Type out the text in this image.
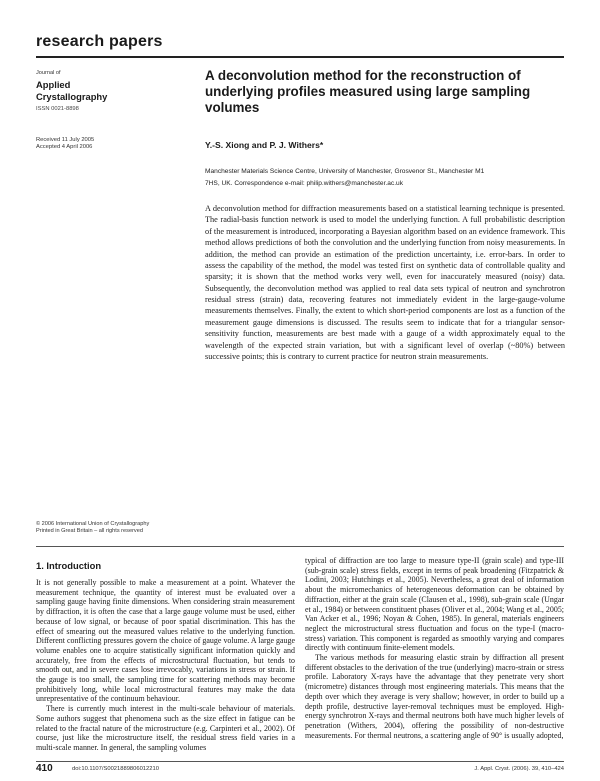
research papers
Journal of
Applied
Crystallography
ISSN 0021-8898
Received 11 July 2005
Accepted 4 April 2006
A deconvolution method for the reconstruction of underlying profiles measured using large sampling volumes
Y.-S. Xiong and P. J. Withers*
Manchester Materials Science Centre, University of Manchester, Grosvenor St., Manchester M1
7HS, UK. Correspondence e-mail: philip.withers@manchester.ac.uk
A deconvolution method for diffraction measurements based on a statistical learning technique is presented. The radial-basis function network is used to model the underlying function. A full probabilistic description of the measurement is introduced, incorporating a Bayesian algorithm based on an evidence framework. This method allows predictions of both the convolution and the underlying function from noisy measurements. In addition, the method can provide an estimation of the prediction uncertainty, i.e. error-bars. In order to assess the capability of the method, the model was tested first on synthetic data of controllable quality and sparsity; it is shown that the method works very well, even for inaccurately measured (noisy) data. Subsequently, the deconvolution method was applied to real data sets typical of neutron and synchrotron residual stress (strain) data, recovering features not immediately evident in the large-gauge-volume measurements themselves. Finally, the extent to which short-period components are lost as a function of the measurement gauge dimensions is discussed. The results seem to indicate that for a triangular sensor-sensitivity function, measurements are best made with a gauge of a width approximately equal to the wavelength of the expected strain variation, but with a significant level of overlap (~80%) between successive points; this is contrary to current practice for neutron strain measurements.
© 2006 International Union of Crystallography
Printed in Great Britain – all rights reserved
1. Introduction

It is not generally possible to make a measurement at a point. Whatever the measurement technique, the quantity of interest must be evaluated over a sampling gauge having finite dimensions. When considering strain measurement by diffraction, it is often the case that a large gauge volume must be used, either because of low signal, or because of poor spatial discrimination. This has the effect of smearing out the measured values relative to the underlying function. Different conflicting pressures govern the choice of gauge volume. A large gauge volume enables one to acquire statistically significant information quickly and accurately, free from the effects of microstructural fluctuation, but tends to smooth out, and in severe cases lose irrevocably, variations in stress or strain. If the gauge is too small, the sampling time for scattering methods may become prohibitively long, while local microstructural features may make the data unrepresentative of the continuum behaviour.

There is currently much interest in the multi-scale behaviour of materials. Some authors suggest that phenomena such as the size effect in fatigue can be related to the fractal nature of the microstructure (e.g. Carpinteri et al., 2002). Of course, just like the microstructure itself, the residual stress field varies in a multi-scale manner. In general, the sampling volumes

typical of diffraction are too large to measure type-II (grain scale) and type-III (sub-grain scale) stress fields, except in terms of peak broadening (Fitzpatrick & Lodini, 2003; Hutchings et al., 2005). Nevertheless, a great deal of information about the micromechanics of heterogeneous deformation can be obtained by diffraction, either at the grain scale (Clausen et al., 1998), sub-grain scale (Ungar et al., 1984) or between constituent phases (Oliver et al., 2004; Wang et al., 2005; Van Acker et al., 1996; Noyan & Cohen, 1985). In general, materials engineers neglect the microstructural stress fluctuation and focus on the type-I (macro-stress) variation. This component is regarded as smoothly varying and compares directly with continuum finite-element models.

The various methods for measuring elastic strain by diffraction all present different obstacles to the derivation of the true (underlying) macro-strain or stress profile. Laboratory X-rays have the advantage that they penetrate very short (micrometre) distances through most engineering materials. This means that the depth over which they average is very shallow; however, in order to build up a depth profile, destructive layer-removal techniques must be employed. High-energy synchrotron X-rays and thermal neutrons both have much higher levels of penetration (Withers, 2004), offering the possibility of non-destructive measurements. For thermal neutrons, a scattering angle of 90° is usually adopted,

410	doi:10.1107/S0021889806012210	J. Appl. Cryst. (2006). 39, 410–424
